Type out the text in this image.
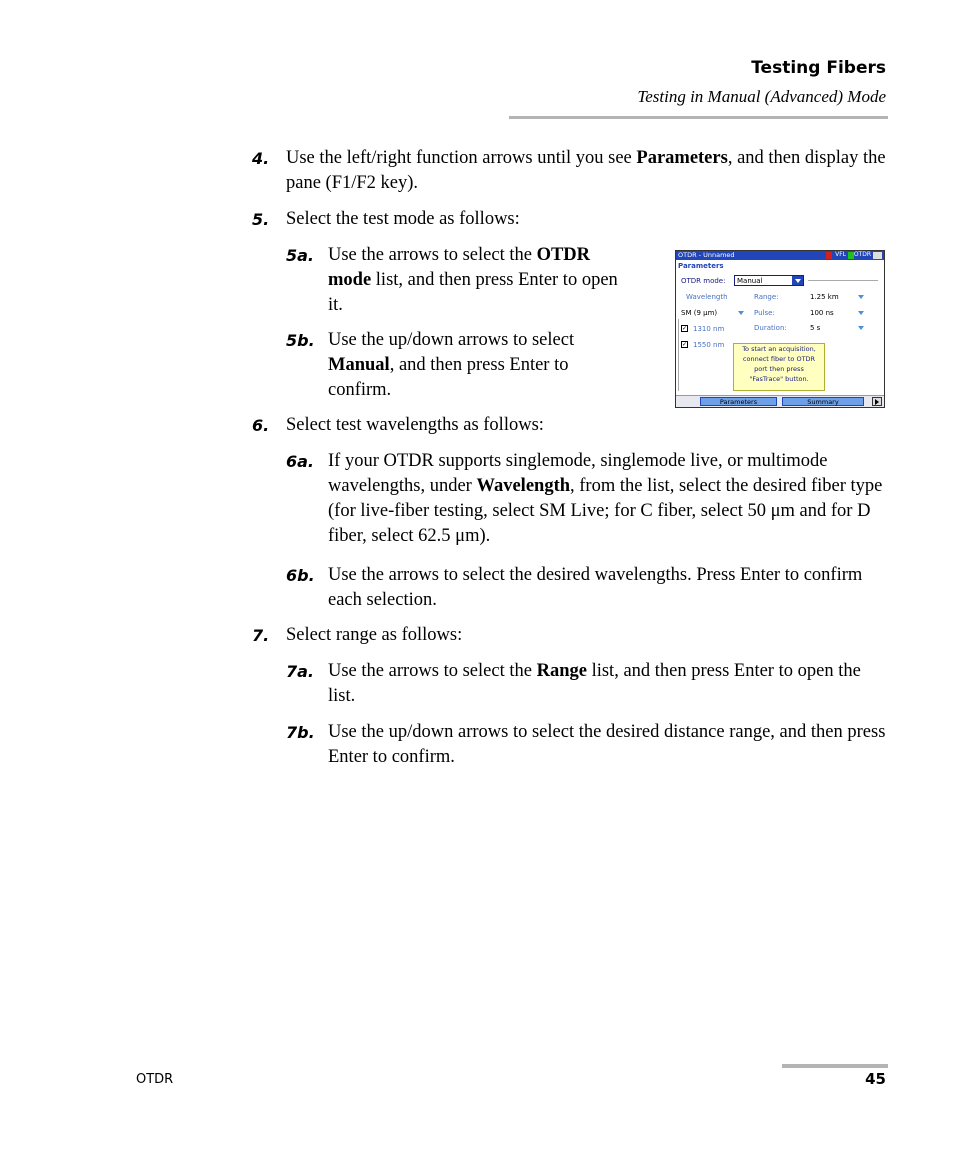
Testing Fibers
Testing in Manual (Advanced) Mode
4. Use the left/right function arrows until you see Parameters, and then display the pane (F1/F2 key).
5. Select the test mode as follows:
5a. Use the arrows to select the OTDR mode list, and then press Enter to open it.
5b. Use the up/down arrows to select Manual, and then press Enter to confirm.
OTDR - Unnamed	VFL OTDR
Parameters
OTDR mode:	Manual
Wavelength
SM (9 μm)
✓ 1310 nm
✓ 1550 nm
Range:	1.25 km
Pulse:	100 ns
Duration:	5 s
To start an acquisition,
connect fiber to OTDR
port then press
"FasTrace" button.
Parameters	Summary
6. Select test wavelengths as follows:
6a. If your OTDR supports singlemode, singlemode live, or multimode wavelengths, under Wavelength, from the list, select the desired fiber type (for live-fiber testing, select SM Live; for C fiber, select 50 μm and for D fiber, select 62.5 μm).
6b. Use the arrows to select the desired wavelengths. Press Enter to confirm each selection.
7. Select range as follows:
7a. Use the arrows to select the Range list, and then press Enter to open the list.
7b. Use the up/down arrows to select the desired distance range, and then press Enter to confirm.
OTDR	45
